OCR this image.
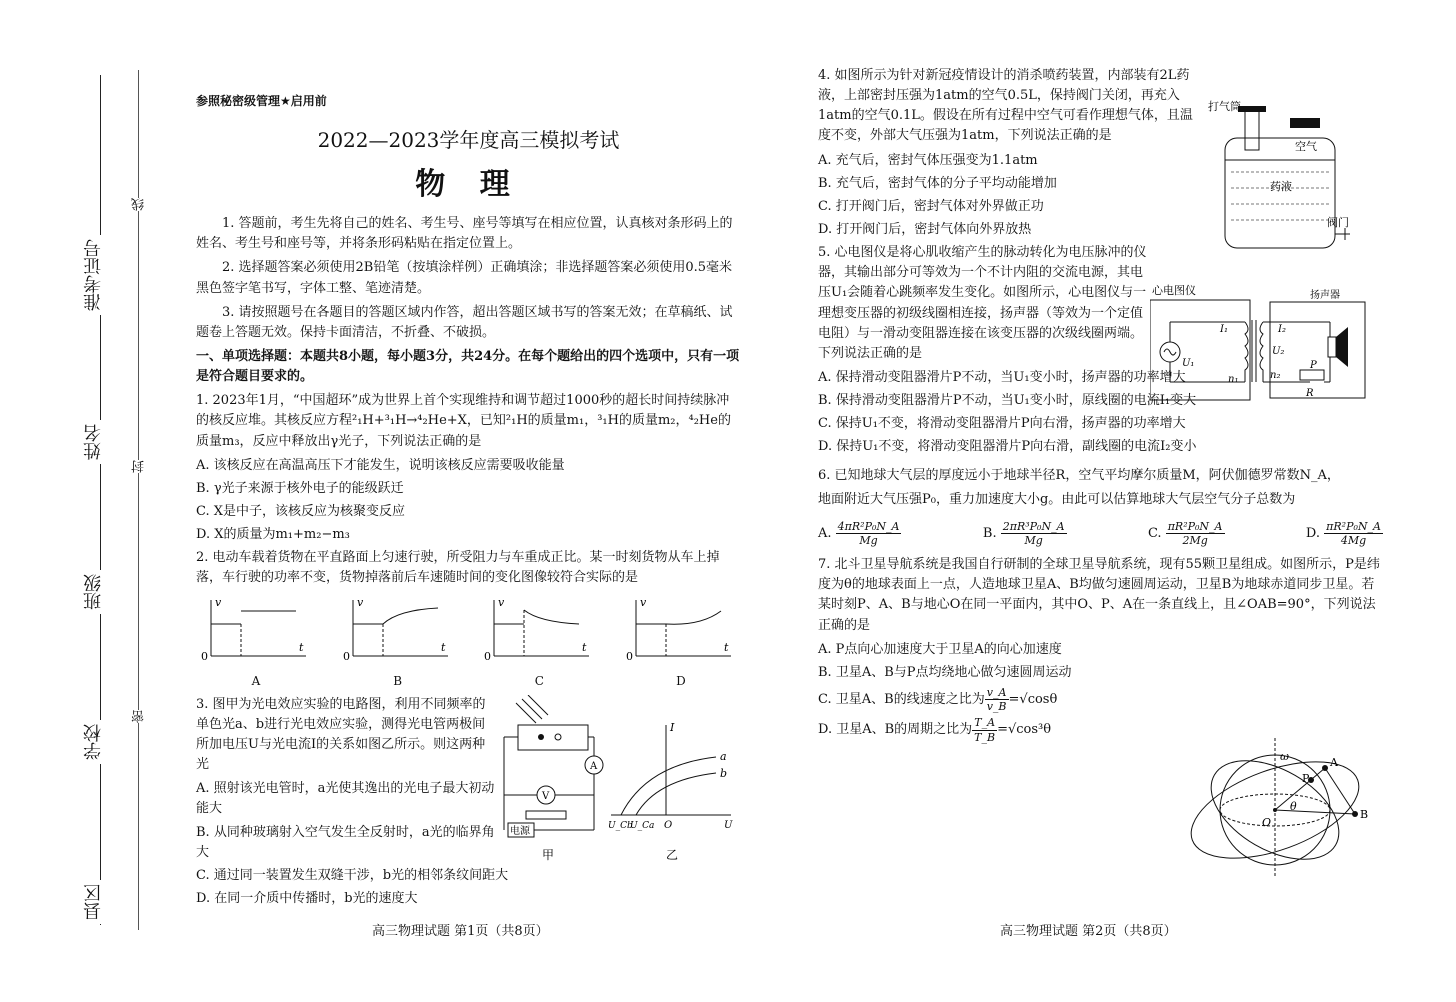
准考证号
姓名
班级
学校
县区
线
封
密

参照秘密级管理★启用前

2022—2023学年度高三模拟考试

物 理

1. 答题前，考生先将自己的姓名、考生号、座号等填写在相应位置，认真核对条形码上的姓名、考生号和座号等，并将条形码粘贴在指定位置上。

2. 选择题答案必须使用2B铅笔（按填涂样例）正确填涂；非选择题答案必须使用0.5毫米黑色签字笔书写，字体工整、笔迹清楚。

3. 请按照题号在各题目的答题区域内作答，超出答题区域书写的答案无效；在草稿纸、试题卷上答题无效。保持卡面清洁，不折叠、不破损。

一、单项选择题：本题共8小题，每小题3分，共24分。在每个题给出的四个选项中，只有一项是符合题目要求的。

1. 2023年1月，“中国超环”成为世界上首个实现维持和调节超过1000秒的超长时间持续脉冲的核反应堆。其核反应方程²₁H+³₁H→⁴₂He+X，已知²₁H的质量m₁，³₁H的质量m₂，⁴₂He的质量m₃，反应中释放出γ光子，下列说法正确的是

A. 该核反应在高温高压下才能发生，说明该核反应需要吸收能量

B. γ光子来源于核外电子的能级跃迁

C. X是中子，该核反应为核聚变反应

D. X的质量为m₁+m₂−m₃

2. 电动车载着货物在平直路面上匀速行驶，所受阻力与车重成正比。某一时刻货物从车上掉落，车行驶的功率不变，货物掉落前后车速随时间的变化图像较符合实际的是

v
t
0
A
v
t
0
B
v
t
0
C
v
t
0
D

3. 图甲为光电效应实验的电路图，利用不同频率的单色光a、b进行光电效应实验，测得光电管两极间所加电压U与光电流I的关系如图乙所示。则这两种光

A. 照射该光电管时，a光使其逸出的光电子最大初动能大

B. 从同种玻璃射入空气发生全反射时，a光的临界角大

A
V
电源
甲
I
a
b
U_Cb
U_Ca O	U
乙

C. 通过同一装置发生双缝干涉，b光的相邻条纹间距大

D. 在同一介质中传播时，b光的速度大

高三物理试题 第1页（共8页）

4. 如图所示为针对新冠疫情设计的消杀喷药装置，内部装有2L药液，上部密封压强为1atm的空气0.5L，保持阀门关闭，再充入1atm的空气0.1L。假设在所有过程中空气可看作理想气体，且温度不变，外部大气压强为1atm，下列说法正确的是

A. 充气后，密封气体压强变为1.1atm

B. 充气后，密封气体的分子平均动能增加

C. 打开阀门后，密封气体对外界做正功

D. 打开阀门后，密封气体向外界放热

5. 心电图仪是将心肌收缩产生的脉动转化为电压脉冲的仪器，其输出部分可等效为一个不计内阻的交流电源，其电压U₁会随着心跳频率发生变化。如图所示，心电图仪与一理想变压器的初级线圈相连接，扬声器（等效为一个定值电阻）与一滑动变阻器连接在该变压器的次级线圈两端。下列说法正确的是

A. 保持滑动变阻器滑片P不动，当U₁变小时，扬声器的功率增大

B. 保持滑动变阻器滑片P不动，当U₁变小时，原线圈的电流I₁变大

C. 保持U₁不变，将滑动变阻器滑片P向右滑，扬声器的功率增大

D. 保持U₁不变，将滑动变阻器滑片P向右滑，副线圈的电流I₂变小

6. 已知地球大气层的厚度远小于地球半径R，空气平均摩尔质量M，阿伏伽德罗常数N_A，

地面附近大气压强P₀，重力加速度大小g。由此可以估算地球大气层空气分子总数为

A. $\frac{\text{4πR²P₀N\_A}}{Mg}$	B. $\frac{\text{2πR³P₀N\_A}}{Mg}$	C. $\frac{\text{πR²P₀N\_A}}{2Mg}$	D. $\frac{\text{πR²P₀N\_A}}{4Mg}$

7. 北斗卫星导航系统是我国自行研制的全球卫星导航系统，现有55颗卫星组成。如图所示，P是纬度为θ的地球表面上一点，人造地球卫星A、B均做匀速圆周运动，卫星B为地球赤道同步卫星。若某时刻P、A、B与地心O在同一平面内，其中O、P、A在一条直线上，且∠OAB=90°，下列说法正确的是

A. P点向心加速度大于卫星A的向心加速度

B. 卫星A、B与P点均绕地心做匀速圆周运动

C. 卫星A、B的线速度之比为 $\frac{v\_A}{v\_B} =√\cos\theta$

D. 卫星A、B的周期之比为 $\frac{T\_A}{T\_B} =√\cos^3\theta$

打气筒
空气
药液
阀门
心电图仪	扬声器
I₁	I₂
U₁
U₂
n₁	n₂
P
R
ω	A
P
θ
O
B
高三物理试题 第2页（共8页）
